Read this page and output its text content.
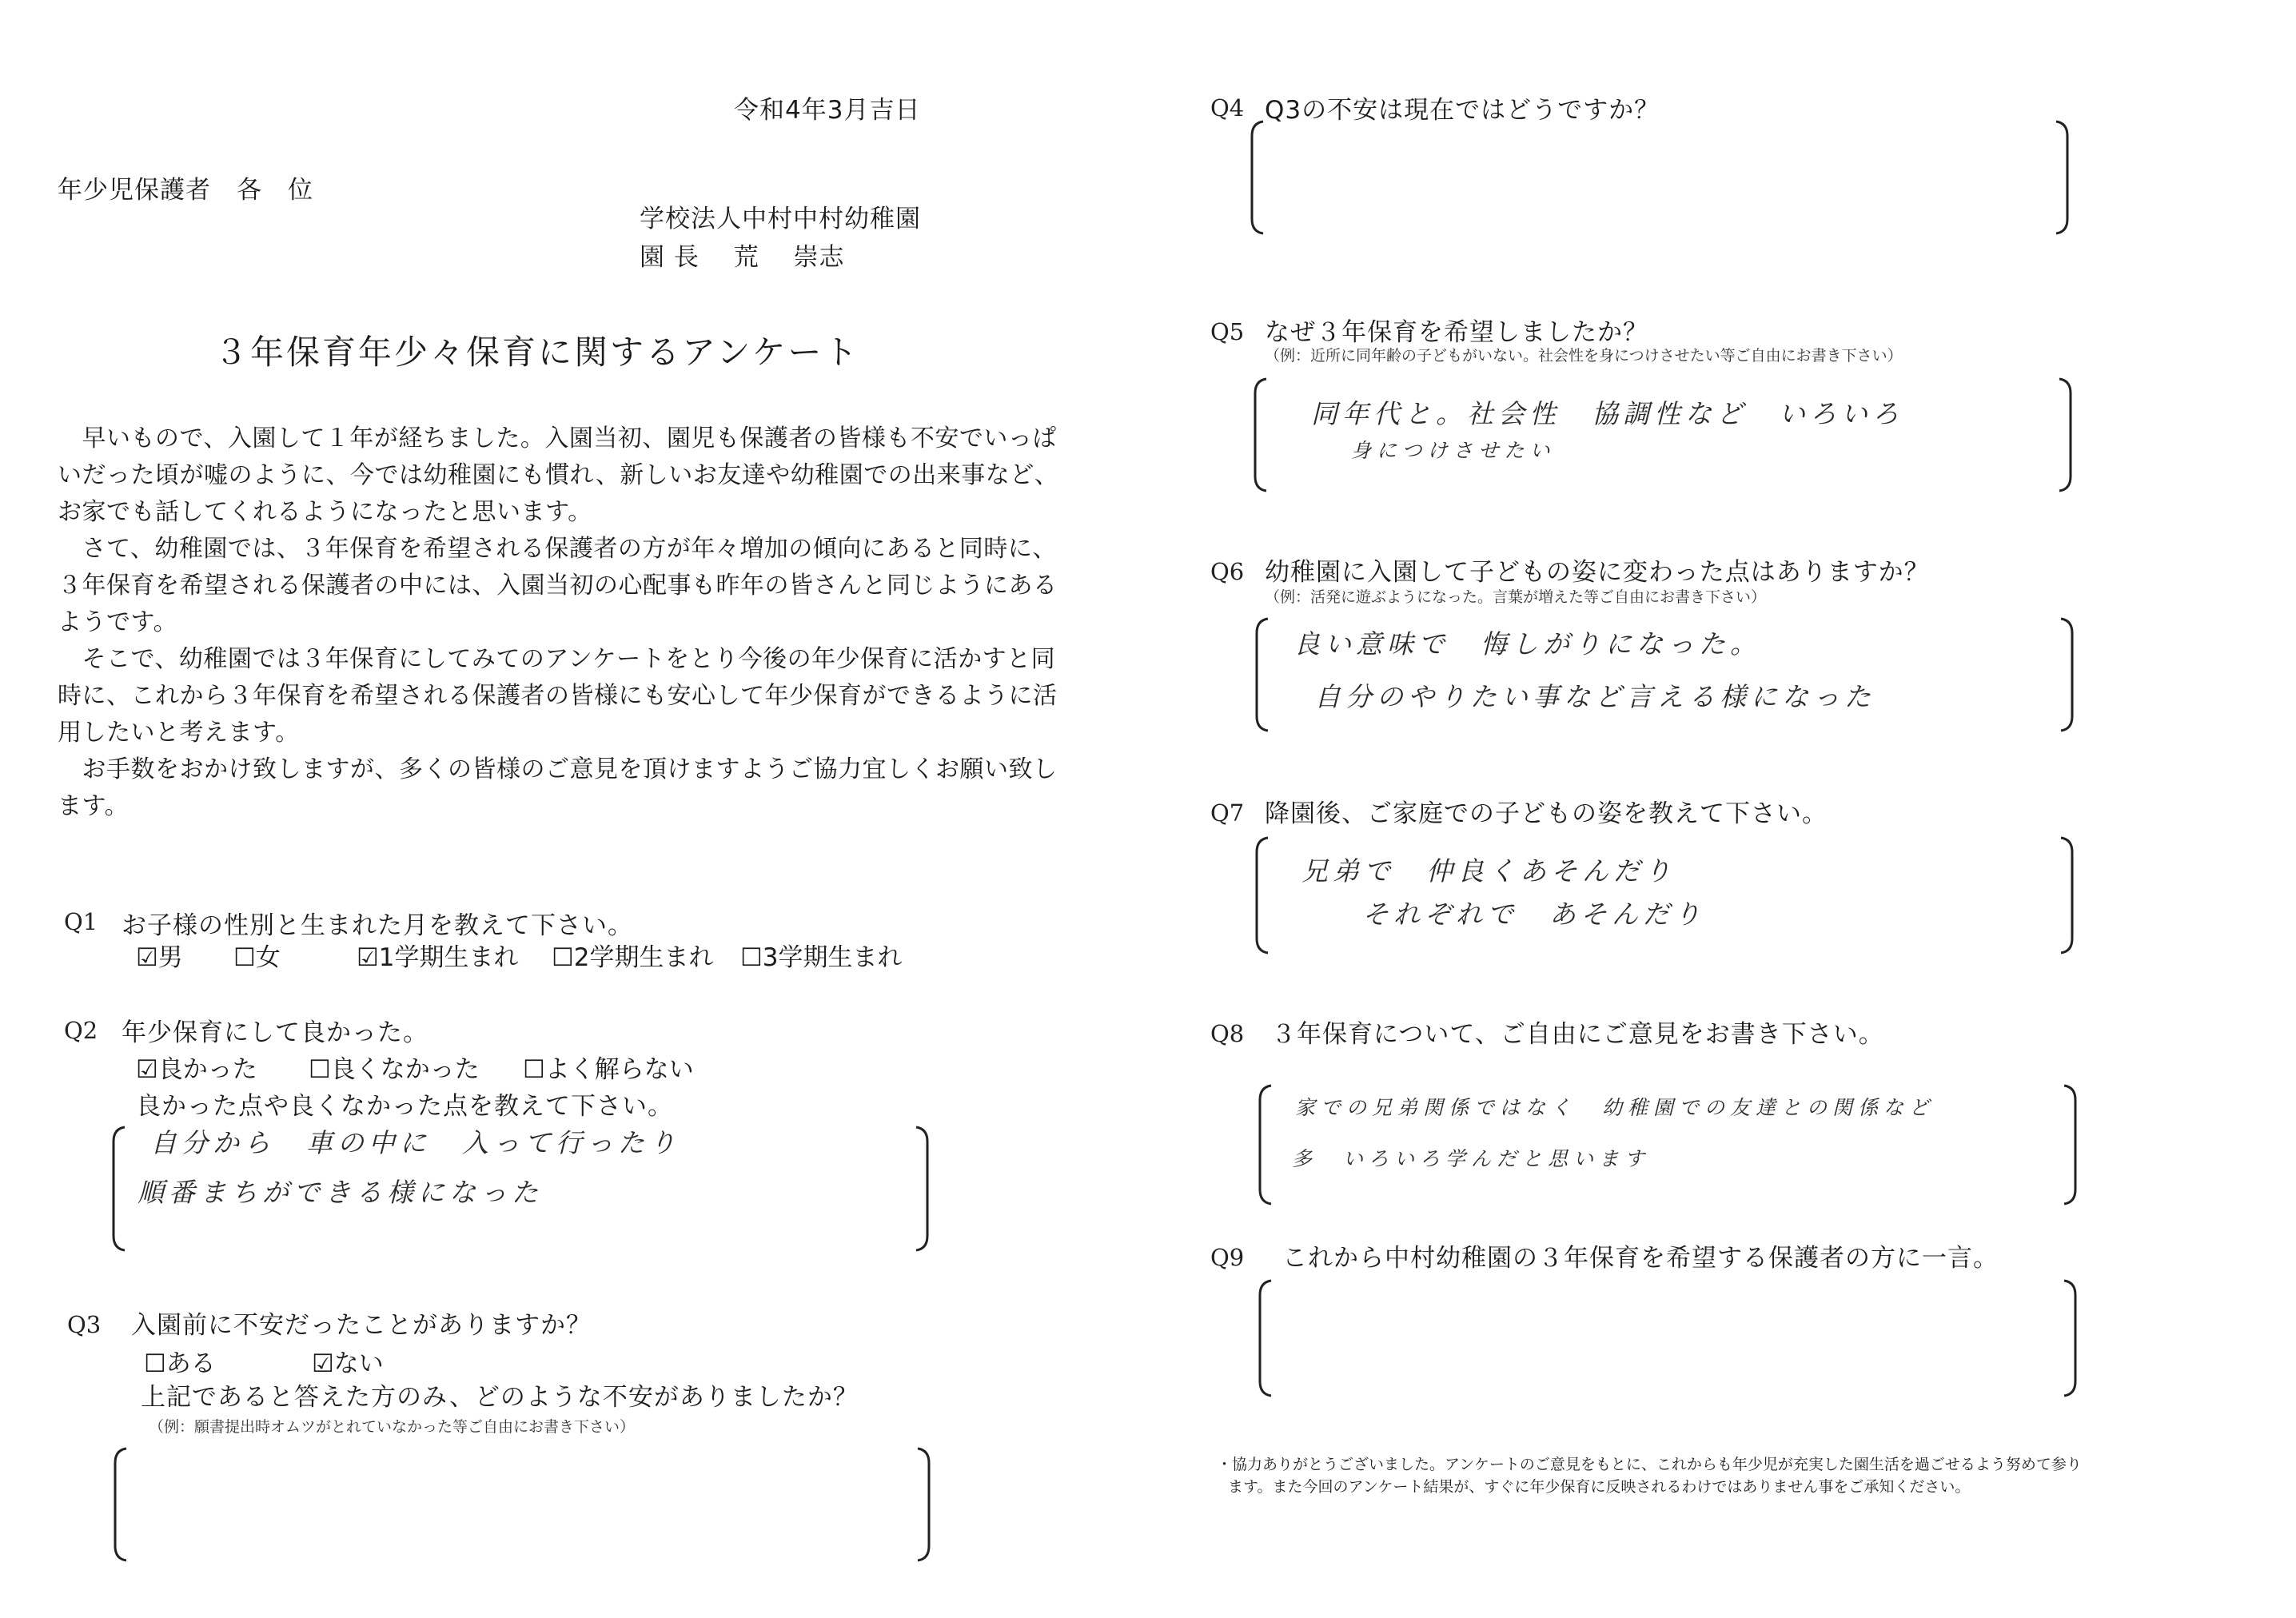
令和4年3月吉日
年少児保護者　各　位
学校法人中村中村幼稚園
園 長　 荒　 崇志
３年保育年少々保育に関するアンケート
　早いもので、入園して１年が経ちました。入園当初、園児も保護者の皆様も不安でいっぱ
いだった頃が嘘のように、今では幼稚園にも慣れ、新しいお友達や幼稚園での出来事など、
お家でも話してくれるようになったと思います。
　さて、幼稚園では、３年保育を希望される保護者の方が年々増加の傾向にあると同時に、
３年保育を希望される保護者の中には、入園当初の心配事も昨年の皆さんと同じようにある
ようです。
　そこで、幼稚園では３年保育にしてみてのアンケートをとり今後の年少保育に活かすと同
時に、これから３年保育を希望される保護者の皆様にも安心して年少保育ができるように活
用したいと考えます。
　お手数をおかけ致しますが、多くの皆様のご意見を頂けますようご協力宜しくお願い致し
ます。
Q1 お子様の性別と生まれた月を教えて下さい。
☑男 ☐女	☑1学期生まれ ☐2学期生まれ ☐3学期生まれ
Q2 年少保育にして良かった。
☑良かった ☐良くなかった ☐よく解らない
良かった点や良くなかった点を教えて下さい。
自分から　車の中に　入って行ったり
順番まちができる様になった
Q3 入園前に不安だったことがありますか？
☐ある	☑ない
上記であると答えた方のみ、どのような不安がありましたか？
（例：願書提出時オムツがとれていなかった等ご自由にお書き下さい）
Q4 Q3の不安は現在ではどうですか？
Q5 なぜ３年保育を希望しましたか？
（例：近所に同年齢の子どもがいない。社会性を身につけさせたい等ご自由にお書き下さい）
同年代と。社会性　協調性など　いろいろ
身につけさせたい
Q6 幼稚園に入園して子どもの姿に変わった点はありますか？
（例：活発に遊ぶようになった。言葉が増えた等ご自由にお書き下さい）
良い意味で　悔しがりになった。
自分のやりたい事など言える様になった
Q7 降園後、ご家庭での子どもの姿を教えて下さい。
兄弟で　仲良くあそんだり
それぞれで　あそんだり
Q8 ３年保育について、ご自由にご意見をお書き下さい。
家での兄弟関係ではなく　幼稚園での友達との関係など
多　いろいろ学んだと思います
Q9 これから中村幼稚園の３年保育を希望する保護者の方に一言。
・協力ありがとうございました。アンケートのご意見をもとに、これからも年少児が充実した園生活を過ごせるよう努めて参り
ます。また今回のアンケート結果が、すぐに年少保育に反映されるわけではありません事をご承知ください。
